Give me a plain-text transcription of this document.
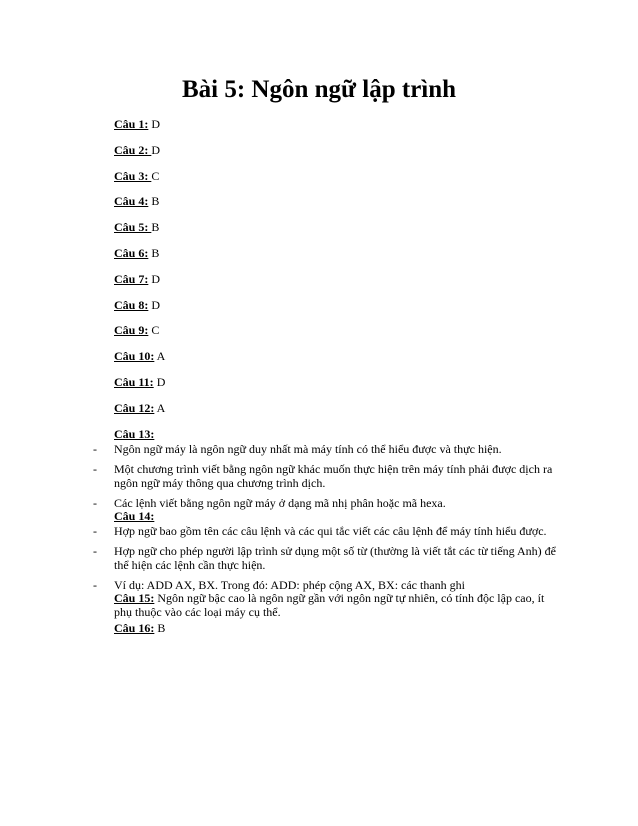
Bài 5: Ngôn ngữ lập trình
Câu 1: D
Câu 2: D
Câu 3: C
Câu 4: B
Câu 5: B
Câu 6: B
Câu 7: D
Câu 8: D
Câu 9: C
Câu 10: A
Câu 11: D
Câu 12: A
Câu 13:
- Ngôn ngữ máy là ngôn ngữ duy nhất mà máy tính có thể hiểu được và thực hiện.
- Một chương trình viết bằng ngôn ngữ khác muốn thực hiện trên máy tính phải được dịch ra ngôn ngữ máy thông qua chương trình dịch.
- Các lệnh viết bằng ngôn ngữ máy ở dạng mã nhị phân hoặc mã hexa.
Câu 14:
- Hợp ngữ bao gồm tên các câu lệnh và các qui tắc viết các câu lệnh để máy tính hiểu được.
- Hợp ngữ cho phép người lập trình sử dụng một số từ (thường là viết tắt các từ tiếng Anh) để thể hiện các lệnh cần thực hiện.
- Ví dụ: ADD AX, BX. Trong đó: ADD: phép cộng AX, BX: các thanh ghi
Câu 15: Ngôn ngữ bậc cao là ngôn ngữ gần với ngôn ngữ tự nhiên, có tính độc lập cao, ít phụ thuộc vào các loại máy cụ thể.
Câu 16: B
